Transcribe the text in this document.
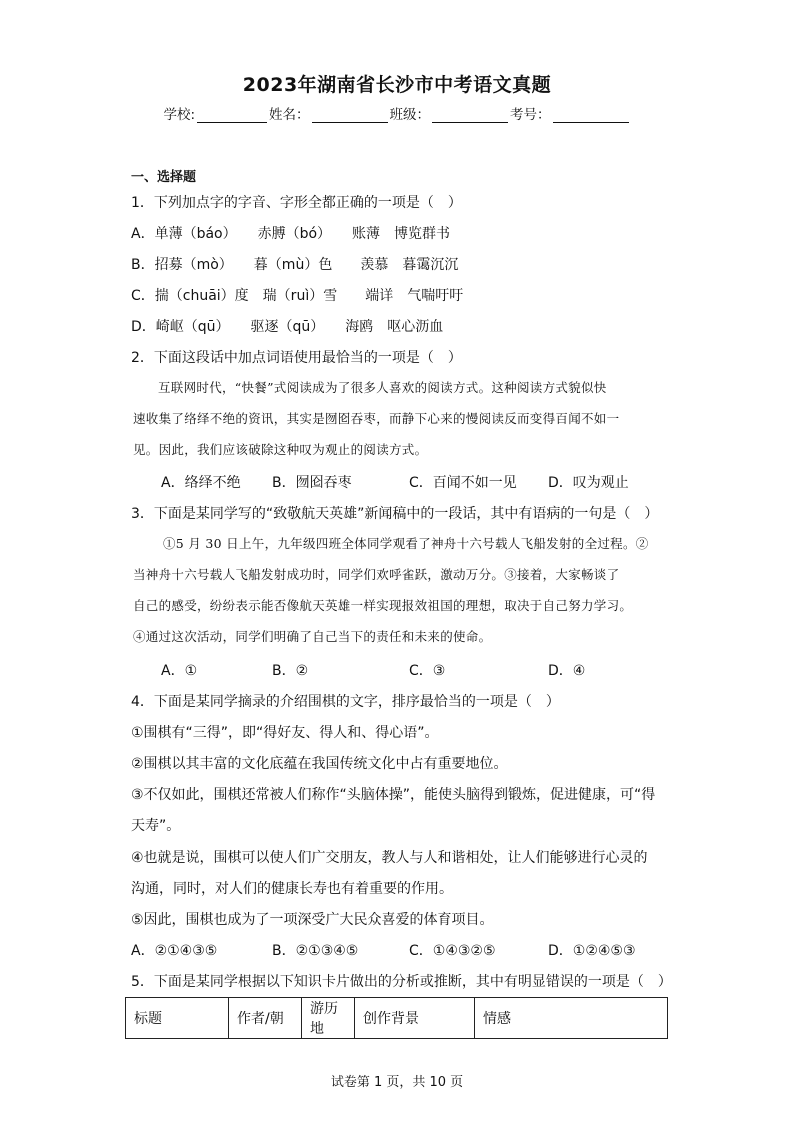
2023年湖南省长沙市中考语文真题
学校:	姓名：	班级：	考号：
一、选择题
1．下列加点字的字音、字形全都正确的一项是（　）
A．单薄（báo）　　赤膊（bó）　　账薄　博览群书
B．招募（mò）　　暮（mù）色　　羡慕　暮霭沉沉
C．揣（chuāi）度　瑞（ruì）雪　　端详　气喘吁吁
D．崎岖（qū）　　驱逐（qū）　　海鸥　呕心沥血
2．下面这段话中加点词语使用最恰当的一项是（　）

互联网时代，“快餐”式阅读成为了很多人喜欢的阅读方式。这种阅读方式貌似快

速收集了络绎不绝的资讯，其实是囫囵吞枣，而静下心来的慢阅读反而变得百闻不如一

见。因此，我们应该破除这种叹为观止的阅读方式。

A．络绎不绝 B．囫囵吞枣	C．百闻不如一见 D．叹为观止
3．下面是某同学写的“致敬航天英雄”新闻稿中的一段话，其中有语病的一句是（　）

①5 月 30 日上午，九年级四班全体同学观看了神舟十六号载人飞船发射的全过程。②

当神舟十六号载人飞船发射成功时，同学们欢呼雀跃，激动万分。③接着，大家畅谈了

自己的感受，纷纷表示能否像航天英雄一样实现报效祖国的理想，取决于自己努力学习。

④通过这次活动，同学们明确了自己当下的责任和未来的使命。

A．①	B．②	C．③	D．④
4．下面是某同学摘录的介绍围棋的文字，排序最恰当的一项是（　）
①围棋有“三得”，即“得好友、得人和、得心语”。
②围棋以其丰富的文化底蕴在我国传统文化中占有重要地位。
③不仅如此，围棋还常被人们称作“头脑体操”，能使头脑得到锻炼，促进健康，可“得
天寿”。
④也就是说，围棋可以使人们广交朋友，教人与人和谐相处，让人们能够进行心灵的
沟通，同时，对人们的健康长寿也有着重要的作用。
⑤因此，围棋也成为了一项深受广大民众喜爱的体育项目。
A．②①④③⑤	B．②①③④⑤	C．①④③②⑤	D．①②④⑤③
5．下面是某同学根据以下知识卡片做出的分析或推断，其中有明显错误的一项是（　）
标题	作者/朝	游历地	创作背景	情感
试卷第 1 页，共 10 页
